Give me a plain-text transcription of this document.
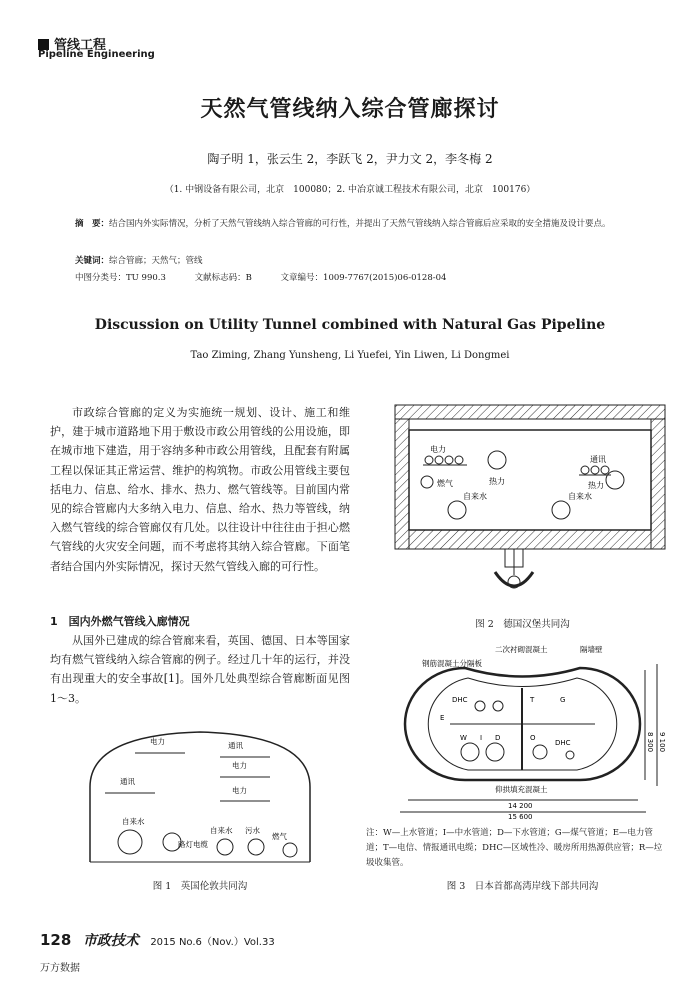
管线工程
Pipeline Engineering
天然气管线纳入综合管廊探讨
陶子明 1，张云生 2，李跃飞 2，尹力文 2，李冬梅 2
（1. 中钢设备有限公司，北京　100080；2. 中冶京诚工程技术有限公司，北京　100176）
摘　要：结合国内外实际情况，分析了天然气管线纳入综合管廊的可行性，并提出了天然气管线纳入综合管廊后应采取的安全措施及设计要点。
关键词：综合管廊；天然气；管线
中图分类号：TU 990.3	文献标志码：B	文章编号：1009-7767(2015)06-0128-04
Discussion on Utility Tunnel combined with Natural Gas Pipeline
Tao Ziming, Zhang Yunsheng, Li Yuefei, Yin Liwen, Li Dongmei
市政综合管廊的定义为实施统一规划、设计、施工和维护，建于城市道路地下用于敷设市政公用管线的公用设施，即在城市地下建造，用于容纳多种市政公用管线，且配套有附属工程以保证其正常运营、维护的构筑物。市政公用管线主要包括电力、信息、给水、排水、热力、燃气管线等。目前国内常见的综合管廊内大多纳入电力、信息、给水、热力等管线，纳入燃气管线的综合管廊仅有几处。以往设计中往往由于担心燃气管线的火灾安全问题，而不考虑将其纳入综合管廊。下面笔者结合国内外实际情况，探讨天然气管线入廊的可行性。
1　国内外燃气管线入廊情况
从国外已建成的综合管廊来看，英国、德国、日本等国家均有燃气管线纳入综合管廊的例子。经过几十年的运行，并没有出现重大的安全事故[1]。国外几处典型综合管廊断面见图 1～3。
电力
热力
通讯
热力
燃气
自来水	自来水
图 2　德国汉堡共同沟
二次衬砌混凝土	隔墙壁
钢筋混凝土分隔板
DHC
DHC
W
G
E
T
O
D
I
仰拱填充混凝土
14 200
15 600
8 300 9 100
注：W—上水管道；I—中水管道；D—下水管道；G—煤气管道；E—电力管道；T—电信、情报通讯电缆；DHC—区域性冷、暖房所用热源供应管；R—垃圾收集管。
图 3　日本首都高湾岸线下部共同沟
电力	通讯
电力
通讯
电力
自来水
路灯电缆
自来水 污水
燃气
图 1　英国伦敦共同沟
128 市政技术 2015 No.6（Nov.）Vol.33
万方数据
